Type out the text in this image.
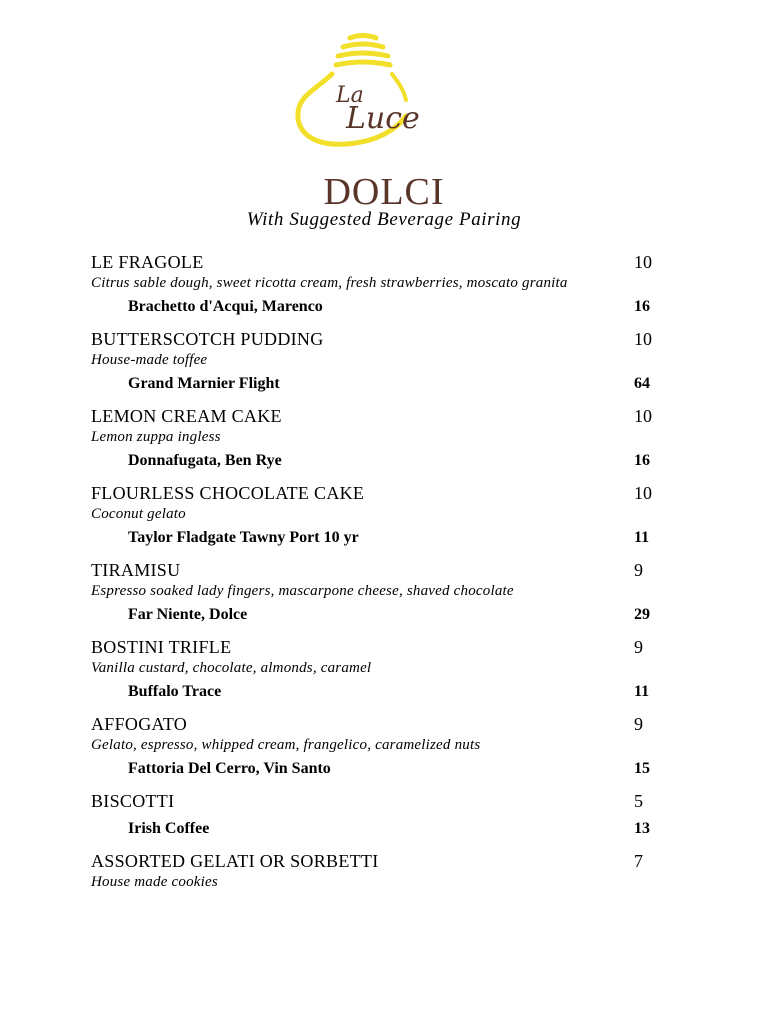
La
Luce
DOLCI
With Suggested Beverage Pairing
LE FRAGOLE	10
Citrus sable dough, sweet ricotta cream, fresh strawberries, moscato granita
Brachetto d'Acqui, Marenco	16
BUTTERSCOTCH PUDDING	10
House-made toffee
Grand Marnier Flight	64
LEMON CREAM CAKE	10
Lemon zuppa ingless
Donnafugata, Ben Rye	16
FLOURLESS CHOCOLATE CAKE	10
Coconut gelato
Taylor Fladgate Tawny Port 10 yr	11
TIRAMISU	9
Espresso soaked lady fingers, mascarpone cheese, shaved chocolate
Far Niente, Dolce	29
BOSTINI TRIFLE	9
Vanilla custard, chocolate, almonds, caramel
Buffalo Trace	11
AFFOGATO	9
Gelato, espresso, whipped cream, frangelico, caramelized nuts
Fattoria Del Cerro, Vin Santo	15
BISCOTTI	5
Irish Coffee	13
ASSORTED GELATI OR SORBETTI	7
House made cookies
